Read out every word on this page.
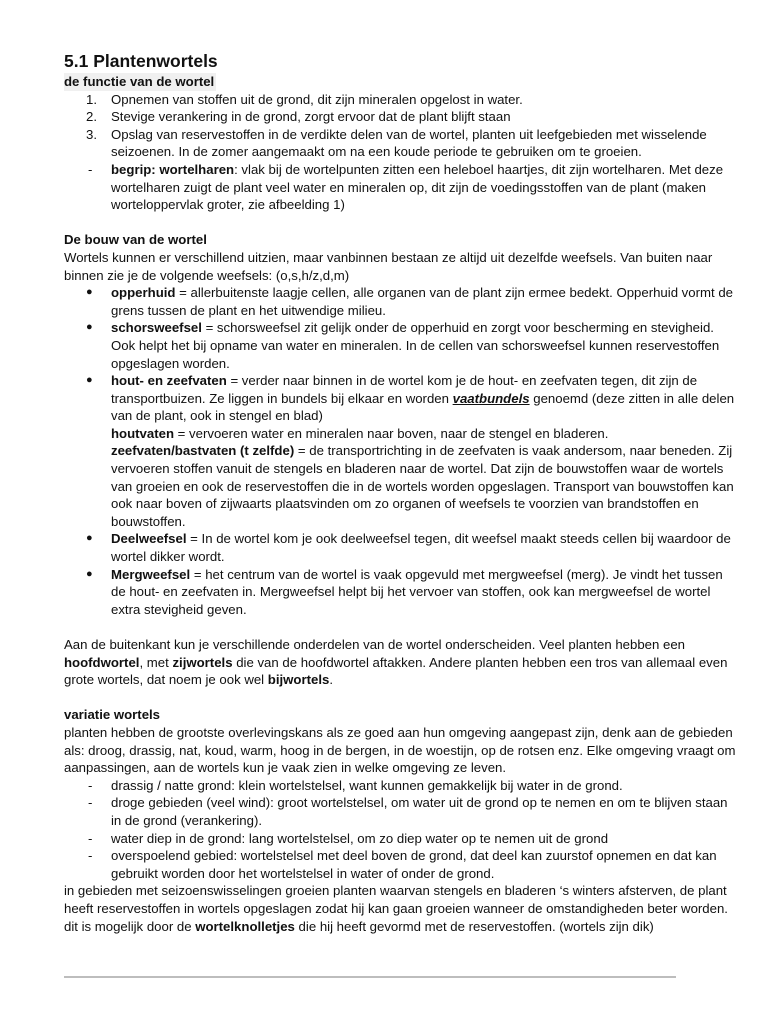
5.1 Plantenwortels

de functie van de wortel

1. Opnemen van stoffen uit de grond, dit zijn mineralen opgelost in water.
2. Stevige verankering in de grond, zorgt ervoor dat de plant blijft staan
3. Opslag van reservestoffen in de verdikte delen van de wortel, planten uit leefgebieden met wisselende seizoenen. In de zomer aangemaakt om na een koude periode te gebruiken om te groeien.
- begrip: wortelharen: vlak bij de wortelpunten zitten een heleboel haartjes, dit zijn wortelharen. Met deze wortelharen zuigt de plant veel water en mineralen op, dit zijn de voedingsstoffen van de plant (maken worteloppervlak groter, zie afbeelding 1)

De bouw van de wortel

Wortels kunnen er verschillend uitzien, maar vanbinnen bestaan ze altijd uit dezelfde weefsels. Van buiten naar binnen zie je de volgende weefsels: (o,s,h/z,d,m)

● opperhuid = allerbuitenste laagje cellen, alle organen van de plant zijn ermee bedekt. Opperhuid vormt de grens tussen de plant en het uitwendige milieu.
● schorsweefsel = schorsweefsel zit gelijk onder de opperhuid en zorgt voor bescherming en stevigheid. Ook helpt het bij opname van water en mineralen. In de cellen van schorsweefsel kunnen reservestoffen opgeslagen worden.
● hout- en zeefvaten = verder naar binnen in de wortel kom je de hout- en zeefvaten tegen, dit zijn de transportbuizen. Ze liggen in bundels bij elkaar en worden vaatbundels genoemd (deze zitten in alle delen van de plant, ook in stengel en blad)

houtvaten = vervoeren water en mineralen naar boven, naar de stengel en bladeren.

zeefvaten/bastvaten (t zelfde) = de transportrichting in de zeefvaten is vaak andersom, naar beneden. Zij vervoeren stoffen vanuit de stengels en bladeren naar de wortel. Dat zijn de bouwstoffen waar de wortels van groeien en ook de reservestoffen die in de wortels worden opgeslagen. Transport van bouwstoffen kan ook naar boven of zijwaarts plaatsvinden om zo organen of weefsels te voorzien van brandstoffen en bouwstoffen.

● Deelweefsel = In de wortel kom je ook deelweefsel tegen, dit weefsel maakt steeds cellen bij waardoor de wortel dikker wordt.
● Mergweefsel = het centrum van de wortel is vaak opgevuld met mergweefsel (merg). Je vindt het tussen de hout- en zeefvaten in. Mergweefsel helpt bij het vervoer van stoffen, ook kan mergweefsel de wortel extra stevigheid geven.

Aan de buitenkant kun je verschillende onderdelen van de wortel onderscheiden. Veel planten hebben een hoofdwortel, met zijwortels die van de hoofdwortel aftakken. Andere planten hebben een tros van allemaal even grote wortels, dat noem je ook wel bijwortels.

variatie wortels

planten hebben de grootste overlevingskans als ze goed aan hun omgeving aangepast zijn, denk aan de gebieden als: droog, drassig, nat, koud, warm, hoog in de bergen, in de woestijn, op de rotsen enz. Elke omgeving vraagt om aanpassingen, aan de wortels kun je vaak zien in welke omgeving ze leven.

- drassig / natte grond: klein wortelstelsel, want kunnen gemakkelijk bij water in de grond.
- droge gebieden (veel wind): groot wortelstelsel, om water uit de grond op te nemen en om te blijven staan in de grond (verankering).
- water diep in de grond: lang wortelstelsel, om zo diep water op te nemen uit de grond
- overspoelend gebied: wortelstelsel met deel boven de grond, dat deel kan zuurstof opnemen en dat kan gebruikt worden door het wortelstelsel in water of onder de grond.

in gebieden met seizoenswisselingen groeien planten waarvan stengels en bladeren ‘s winters afsterven, de plant heeft reservestoffen in wortels opgeslagen zodat hij kan gaan groeien wanneer de omstandigheden beter worden. dit is mogelijk door de wortelknolletjes die hij heeft gevormd met de reservestoffen. (wortels zijn dik)
